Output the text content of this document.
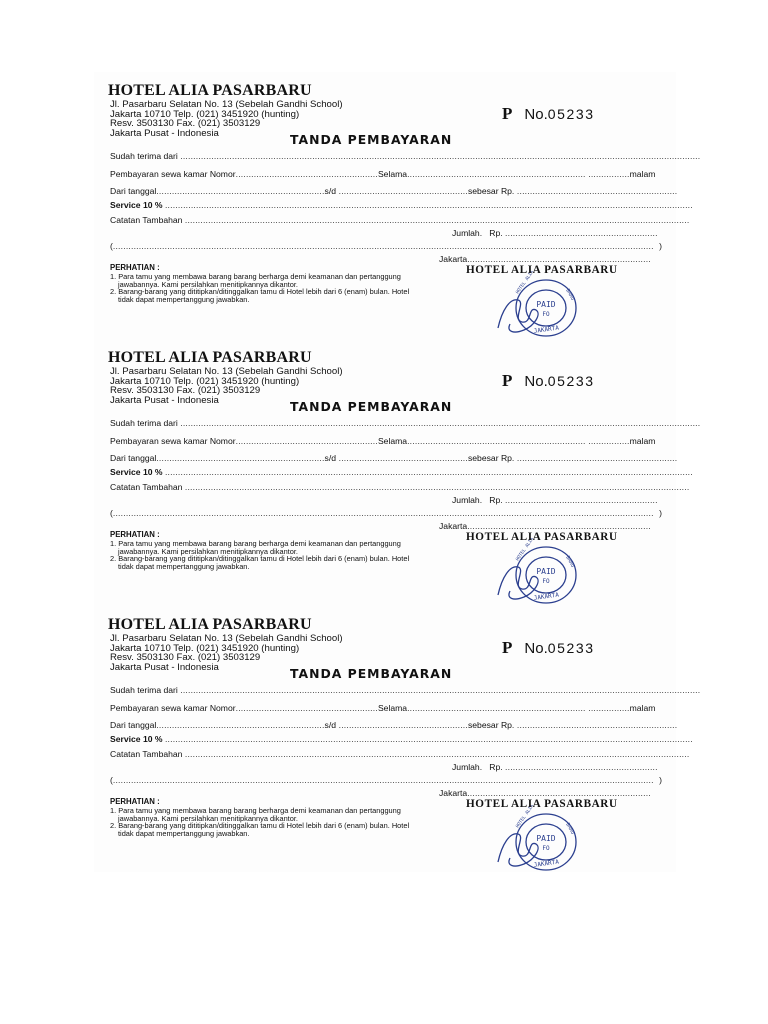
HOTEL ALIA PASARBARU
Jl. Pasarbaru Selatan No. 13 (Sebelah Gandhi School)
Jakarta 10710 Telp. (021) 3451920 (hunting)
Resv. 3503130 Fax. (021) 3503129
Jakarta Pusat - Indonesia
P No.05233
TANDA PEMBAYARAN
Sudah terima dari .........................................................................................................................................................................................................
Pembayaran sewa kamar Nomor.......................................................Selama..................................................................... ................malam
Dari tanggal.................................................................s/d ..................................................sebesar Rp. ..............................................................
Service 10 % ............................................................................................................................................................................................................
Catatan Tambahan ...................................................................................................................................................................................................
Jumlah. Rp. ...........................................................
(................................................................................................................................................................................................................. )
Jakarta.......................................................................
PERHATIAN :
1. Para tamu yang membawa barang barang berharga demi keamanan dan pertanggung jawabannya. Kami persilahkan menitipkannya dikantor.
2. Barang-barang yang dititipkan/ditinggalkan tamu di Hotel lebih dari 6 (enam) bulan. Hotel tidak dapat mempertanggung jawabkan.
PAID
FO
HOTEL ALIA	BARU
JAKARTA
HOTEL ALIA PASARBARU
HOTEL ALIA PASARBARU
Jl. Pasarbaru Selatan No. 13 (Sebelah Gandhi School)
Jakarta 10710 Telp. (021) 3451920 (hunting)
Resv. 3503130 Fax. (021) 3503129
Jakarta Pusat - Indonesia
P No.05233
TANDA PEMBAYARAN
Sudah terima dari .........................................................................................................................................................................................................
Pembayaran sewa kamar Nomor.......................................................Selama..................................................................... ................malam
Dari tanggal.................................................................s/d ..................................................sebesar Rp. ..............................................................
Service 10 % ............................................................................................................................................................................................................
Catatan Tambahan ...................................................................................................................................................................................................
Jumlah. Rp. ...........................................................
(................................................................................................................................................................................................................. )
Jakarta.......................................................................
PERHATIAN :
1. Para tamu yang membawa barang barang berharga demi keamanan dan pertanggung jawabannya. Kami persilahkan menitipkannya dikantor.
2. Barang-barang yang dititipkan/ditinggalkan tamu di Hotel lebih dari 6 (enam) bulan. Hotel tidak dapat mempertanggung jawabkan.
PAID
FO
HOTEL ALIA	BARU
JAKARTA
HOTEL ALIA PASARBARU
HOTEL ALIA PASARBARU
Jl. Pasarbaru Selatan No. 13 (Sebelah Gandhi School)
Jakarta 10710 Telp. (021) 3451920 (hunting)
Resv. 3503130 Fax. (021) 3503129
Jakarta Pusat - Indonesia
P No.05233
TANDA PEMBAYARAN
Sudah terima dari .........................................................................................................................................................................................................
Pembayaran sewa kamar Nomor.......................................................Selama..................................................................... ................malam
Dari tanggal.................................................................s/d ..................................................sebesar Rp. ..............................................................
Service 10 % ............................................................................................................................................................................................................
Catatan Tambahan ...................................................................................................................................................................................................
Jumlah. Rp. ...........................................................
(................................................................................................................................................................................................................. )
Jakarta.......................................................................
PERHATIAN :
1. Para tamu yang membawa barang barang berharga demi keamanan dan pertanggung jawabannya. Kami persilahkan menitipkannya dikantor.
2. Barang-barang yang dititipkan/ditinggalkan tamu di Hotel lebih dari 6 (enam) bulan. Hotel tidak dapat mempertanggung jawabkan.
PAID
FO
HOTEL ALIA	BARU
JAKARTA
HOTEL ALIA PASARBARU
